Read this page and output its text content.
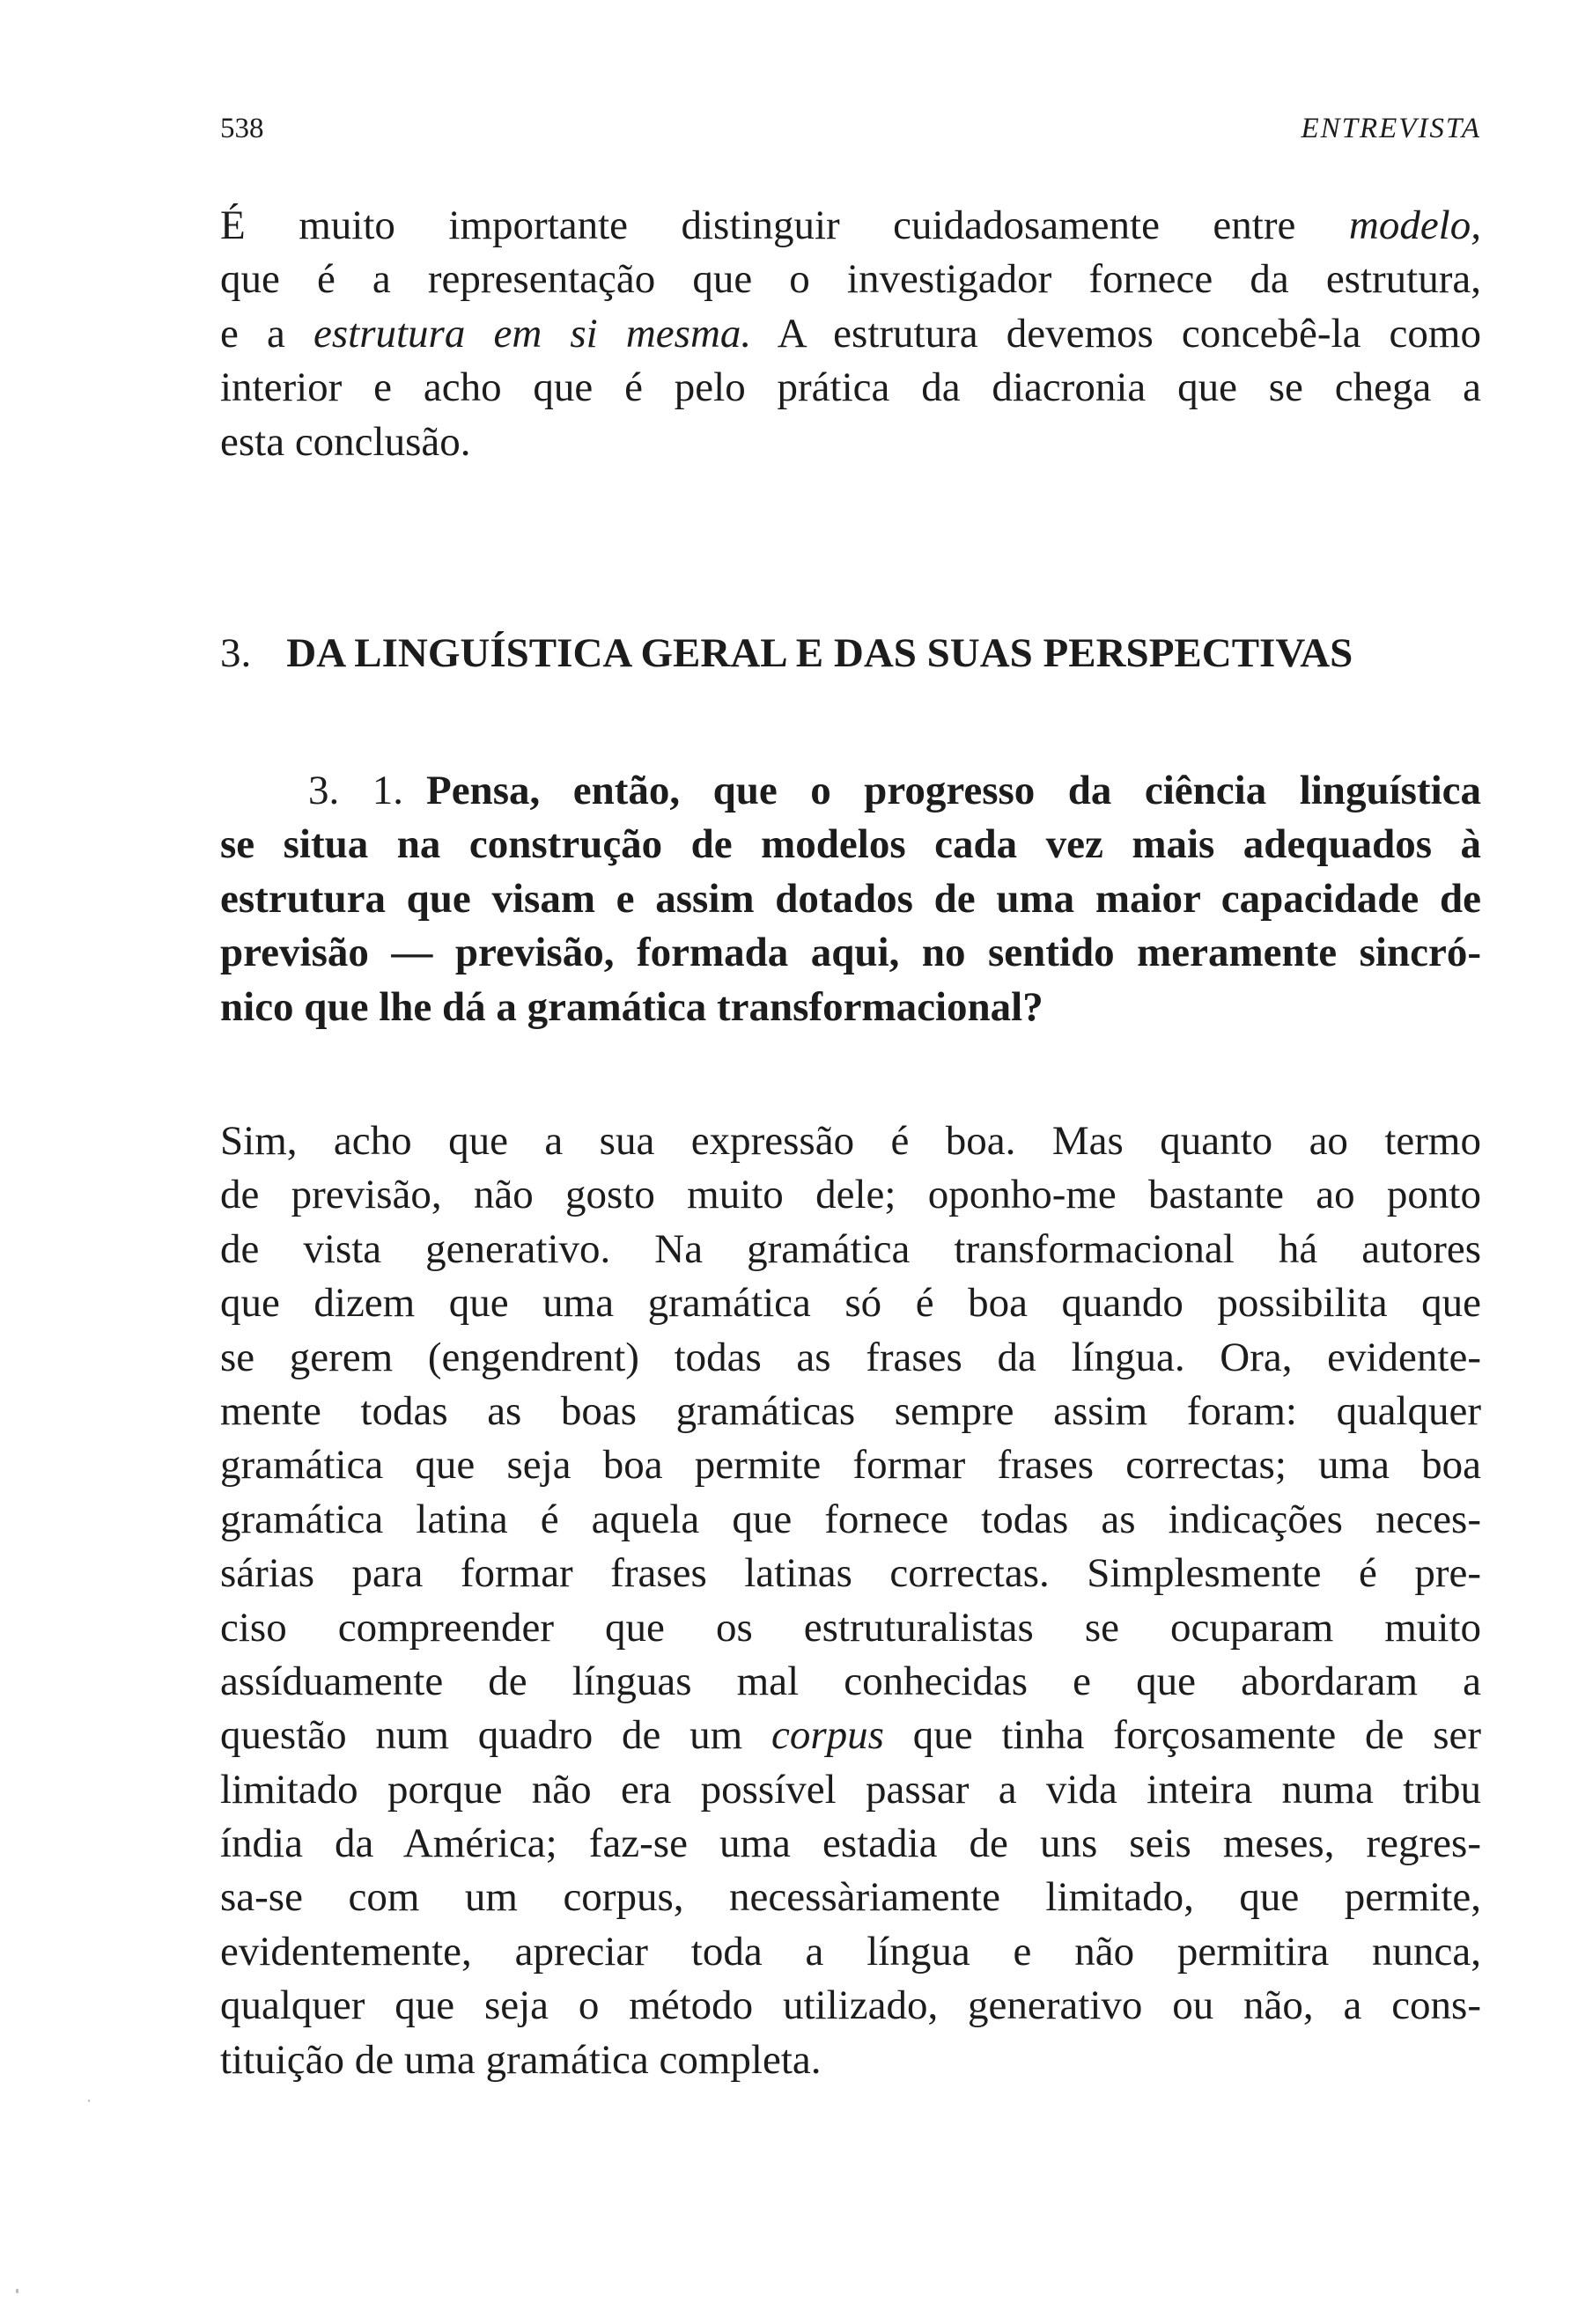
538	ENTREVISTA

É muito importante distinguir cuidadosamente entre modelo,
que é a representação que o investigador fornece da estrutura,
e a estrutura em si mesma. A estrutura devemos concebê-la como
interior e acho que é pelo prática da diacronia que se chega a
esta conclusão.

3. DA LINGUÍSTICA GERAL E DAS SUAS PERSPECTIVAS

3. 1. Pensa, então, que o progresso da ciência linguística
se situa na construção de modelos cada vez mais adequados à
estrutura que visam e assim dotados de uma maior capacidade de
previsão — previsão, formada aqui, no sentido meramente sincró-
nico que lhe dá a gramática transformacional?

Sim, acho que a sua expressão é boa. Mas quanto ao termo
de previsão, não gosto muito dele; oponho-me bastante ao ponto
de vista generativo. Na gramática transformacional há autores
que dizem que uma gramática só é boa quando possibilita que
se gerem (engendrent) todas as frases da língua. Ora, evidente-
mente todas as boas gramáticas sempre assim foram: qualquer
gramática que seja boa permite formar frases correctas; uma boa
gramática latina é aquela que fornece todas as indicações neces-
sárias para formar frases latinas correctas. Simplesmente é pre-
ciso compreender que os estruturalistas se ocuparam muito
assíduamente de línguas mal conhecidas e que abordaram a
questão num quadro de um corpus que tinha forçosamente de ser
limitado porque não era possível passar a vida inteira numa tribu
índia da América; faz-se uma estadia de uns seis meses, regres-
sa-se com um corpus, necessàriamente limitado, que permite,
evidentemente, apreciar toda a língua e não permitira nunca,
qualquer que seja o método utilizado, generativo ou não, a cons-
tituição de uma gramática completa.
